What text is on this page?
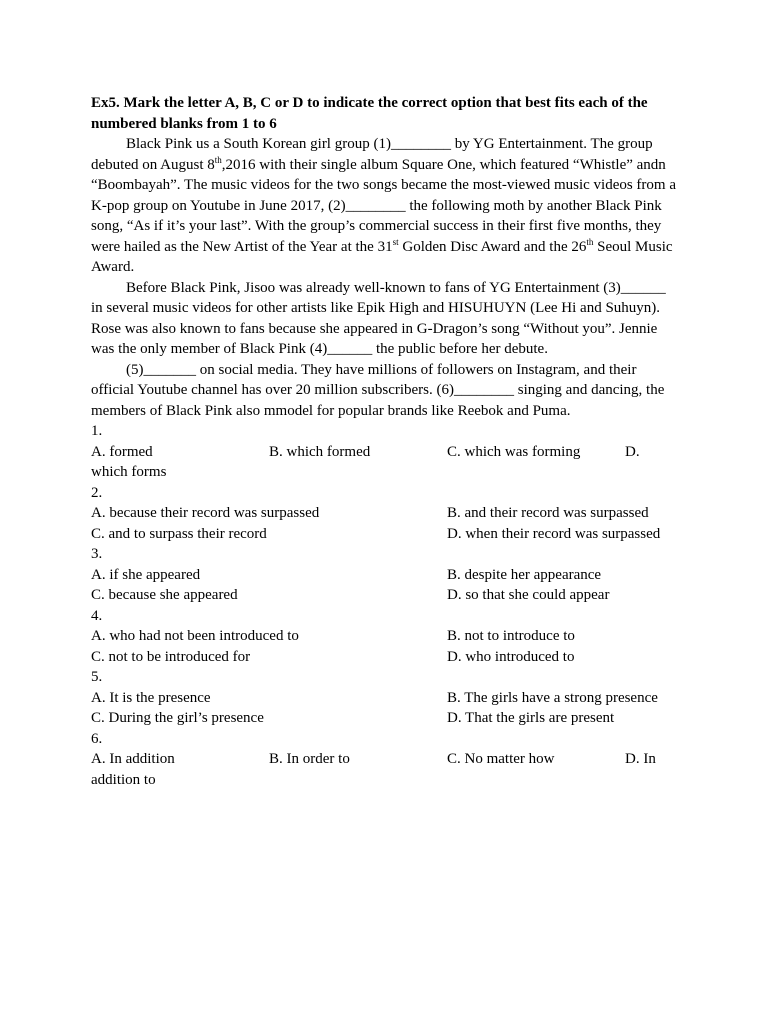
Ex5. Mark the letter A, B, C or D to indicate the correct option that best fits each of the numbered blanks from 1 to 6

Black Pink us a South Korean girl group (1)________ by YG Entertainment. The group debuted on August 8th,2016 with their single album Square One, which featured “Whistle” andn “Boombayah”. The music videos for the two songs became the most-viewed music videos from a K-pop group on Youtube in June 2017, (2)________ the following moth by another Black Pink song, “As if it’s your last”. With the group’s commercial success in their first five months, they were hailed as the New Artist of the Year at the 31st Golden Disc Award and the 26th Seoul Music Award.

Before Black Pink, Jisoo was already well-known to fans of YG Entertainment (3)______ in several music videos for other artists like Epik High and HISUHUYN (Lee Hi and Suhuyn). Rose was also known to fans because she appeared in G-Dragon’s song “Without you”. Jennie was the only member of Black Pink (4)______ the public before her debute.

(5)_______ on social media. They have millions of followers on Instagram, and their official Youtube channel has over 20 million subscribers. (6)________ singing and dancing, the members of Black Pink also mmodel for popular brands like Reebok and Puma.

1.

A. formed	B. which formed	C. which was forming	D.

which forms

2.

A. because their record was surpassed	B. and their record was surpassed
C. and to surpass their record	D. when their record was surpassed

3.

A. if she appeared	B. despite her appearance
C. because she appeared	D. so that she could appear

4.

A. who had not been introduced to	B. not to introduce to
C. not to be introduced for	D. who introduced to

5.

A. It is the presence	B. The girls have a strong presence
C. During the girl’s presence	D. That the girls are present

6.

A. In addition	B. In order to	C. No matter how	D. In

addition to
